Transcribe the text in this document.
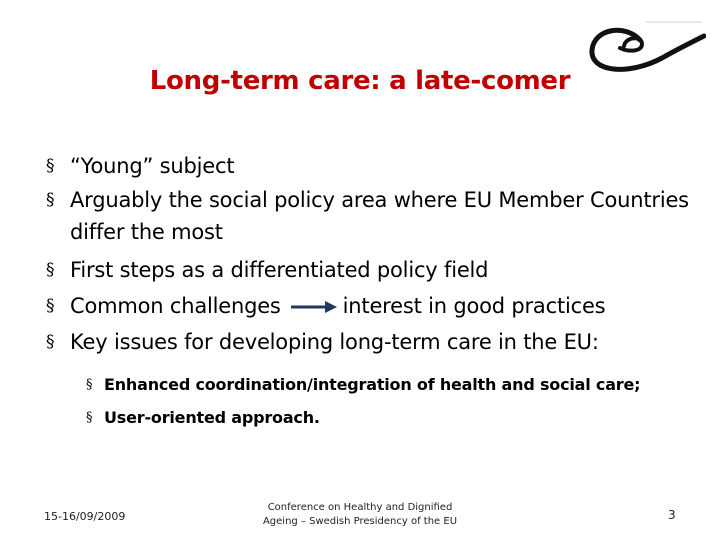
Long-term care: a late-comer
§ “Young” subject
§ Arguably the social policy area where EU Member Countries differ the most
§ First steps as a differentiated policy field
§ Common challenges	interest in good practices
§ Key issues for developing long-term care in the EU:
§ Enhanced coordination/integration of health and social care;
§ User-oriented approach.
15-16/09/2009
Conference on Healthy and Dignified Ageing – Swedish Presidency of the EU	3
